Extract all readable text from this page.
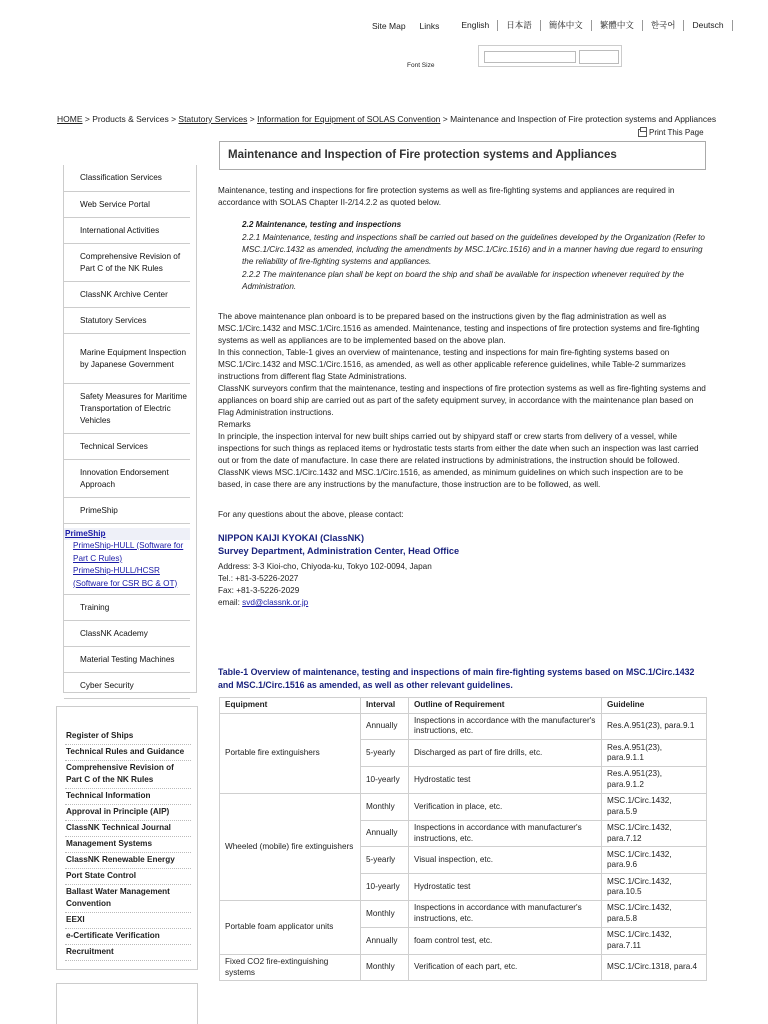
Site Map Links	English	日本語	簡体中文	繁體中文	한국어	Deutsch
Font Size
HOME > Products & Services > Statutory Services > Information for Equipment of SOLAS Convention > Maintenance and Inspection of Fire protection systems and Appliances
Print This Page
Classification Services
Web Service Portal
International Activities
Comprehensive Revision of Part C of the NK Rules
ClassNK Archive Center
Statutory Services
Marine Equipment Inspection by Japanese Government
Safety Measures for Maritime Transportation of Electric Vehicles
Technical Services
Innovation Endorsement Approach
PrimeShip
PrimeShip
PrimeShip-HULL (Software for Part C Rules)
PrimeShip-HULL/HCSR (Software for CSR BC & OT)
Training
ClassNK Academy
Material Testing Machines
Cyber Security
Register of Ships
Technical Rules and Guidance
Comprehensive Revision of Part C of the NK Rules
Technical Information
Approval in Principle (AIP)
ClassNK Technical Journal
Management Systems
ClassNK Renewable Energy
Port State Control
Ballast Water Management Convention
EEXI
e-Certificate Verification
Recruitment
Maintenance and Inspection of Fire protection systems and Appliances

Maintenance, testing and inspections for fire protection systems as well as fire-fighting systems and appliances are required in accordance with SOLAS Chapter II-2/14.2.2 as quoted below.

2.2 Maintenance, testing and inspections

2.2.1 Maintenance, testing and inspections shall be carried out based on the guidelines developed by the Organization (Refer to MSC.1/Circ.1432 as amended, including the amendments by MSC.1/Circ.1516) and in a manner having due regard to ensuring the reliability of fire-fighting systems and appliances.

2.2.2 The maintenance plan shall be kept on board the ship and shall be available for inspection whenever required by the Administration.

The above maintenance plan onboard is to be prepared based on the instructions given by the flag administration as well as MSC.1/Circ.1432 and MSC.1/Circ.1516 as amended. Maintenance, testing and inspections of fire protection systems and fire-fighting systems as well as appliances are to be implemented based on the above plan.

In this connection, Table-1 gives an overview of maintenance, testing and inspections for main fire-fighting systems based on MSC.1/Circ.1432 and MSC.1/Circ.1516, as amended, as well as other applicable reference guidelines, while Table-2 summarizes instructions from different flag State Administrations.

ClassNK surveyors confirm that the maintenance, testing and inspections of fire protection systems as well as fire-fighting systems and appliances on board ship are carried out as part of the safety equipment survey, in accordance with the maintenance plan based on Flag Administration instructions.

Remarks

In principle, the inspection interval for new built ships carried out by shipyard staff or crew starts from delivery of a vessel, while inspections for such things as replaced items or hydrostatic tests starts from either the date when such an inspection was last carried out or from the date of manufacture. In case there are related instructions by administrations, the instruction should be followed.

ClassNK views MSC.1/Circ.1432 and MSC.1/Circ.1516, as amended, as minimum guidelines on which such inspection are to be based, in case there are any instructions by the manufacture, those instruction are to be followed, as well.

For any questions about the above, please contact:

NIPPON KAIJI KYOKAI (ClassNK)

Survey Department, Administration Center, Head Office

Address: 3-3 Kioi-cho, Chiyoda-ku, Tokyo 102-0094, Japan

Tel.: +81-3-5226-2027

Fax: +81-3-5226-2029

email: svd@classnk.or.jp

Table-1 Overview of maintenance, testing and inspections of main fire-fighting systems based on MSC.1/Circ.1432 and MSC.1/Circ.1516 as amended, as well as other relevant guidelines.
Equipment	Interval	Outline of Requirement	Guideline
Portable fire extinguishers	Annually	Inspections in accordance with the manufacturer's instructions, etc.	Res.A.951(23), para.9.1
	5-yearly	Discharged as part of fire drills, etc.	Res.A.951(23), para.9.1.1
	10-yearly	Hydrostatic test	Res.A.951(23), para.9.1.2
Wheeled (mobile) fire extinguishers	Monthly	Verification in place, etc.	MSC.1/Circ.1432, para.5.9
	Annually	Inspections in accordance with manufacturer's instructions, etc.	MSC.1/Circ.1432, para.7.12
	5-yearly	Visual inspection, etc.	MSC.1/Circ.1432, para.9.6
	10-yearly	Hydrostatic test	MSC.1/Circ.1432, para.10.5
Portable foam applicator units	Monthly	Inspections in accordance with manufacturer's instructions, etc.	MSC.1/Circ.1432, para.5.8
	Annually	foam control test, etc.	MSC.1/Circ.1432, para.7.11
Fixed CO2 fire-extinguishing systems	Monthly	Verification of each part, etc.	MSC.1/Circ.1318, para.4
